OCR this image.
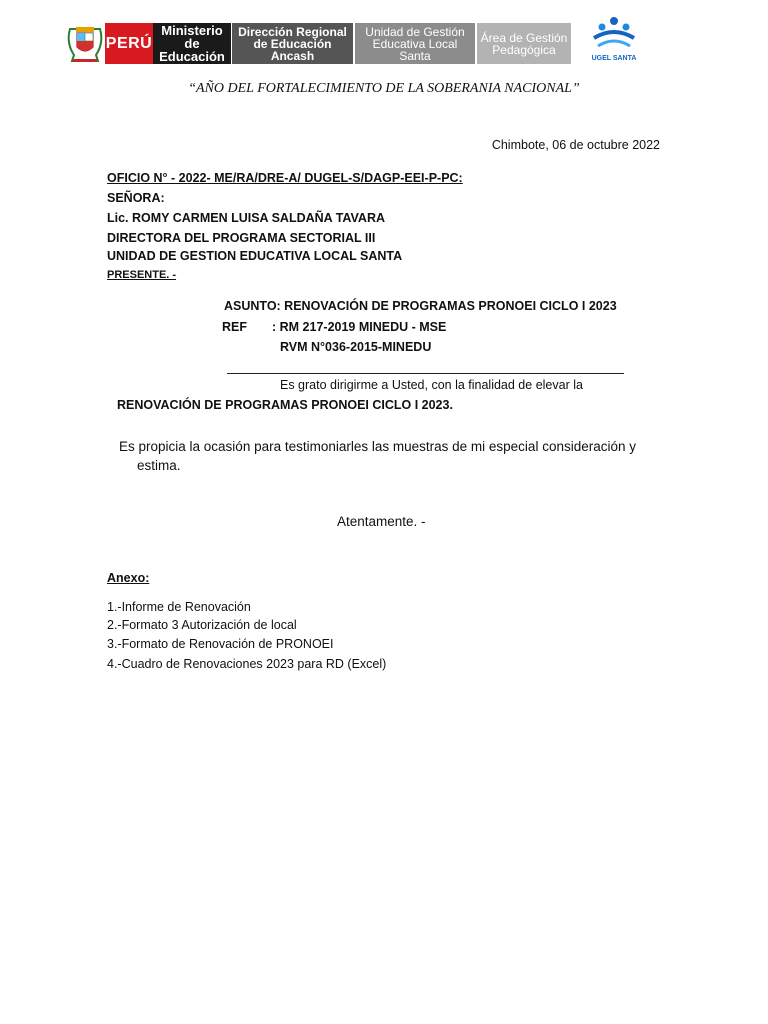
PERÚ
Ministerio
de
Educación
Dirección Regional
de Educación
Ancash
Unidad de Gestión
Educativa Local
Santa
Área de Gestión
Pedagógica
UGEL SANTA
“AÑO DEL FORTALECIMIENTO DE LA SOBERANIA NACIONAL”
Chimbote, 06 de octubre 2022
OFICIO N° - 2022- ME/RA/DRE-A/ DUGEL-S/DAGP-EEI-P-PC:
SEÑORA:
Lic. ROMY CARMEN LUISA SALDAÑA TAVARA
DIRECTORA DEL PROGRAMA SECTORIAL III
UNIDAD DE GESTION EDUCATIVA LOCAL SANTA
PRESENTE. -
ASUNTO: RENOVACIÓN DE PROGRAMAS PRONOEI CICLO I 2023
REF : RM 217-2019 MINEDU - MSE
RVM N°036-2015-MINEDU
Es grato dirigirme a Usted, con la finalidad de elevar la
RENOVACIÓN DE PROGRAMAS PRONOEI CICLO I 2023.
Es propicia la ocasión para testimoniarles las muestras de mi especial consideración y
estima.
Atentamente. -
Anexo:
1.-Informe de Renovación
2.-Formato 3 Autorización de local
3.-Formato de Renovación de PRONOEI
4.-Cuadro de Renovaciones 2023 para RD (Excel)
